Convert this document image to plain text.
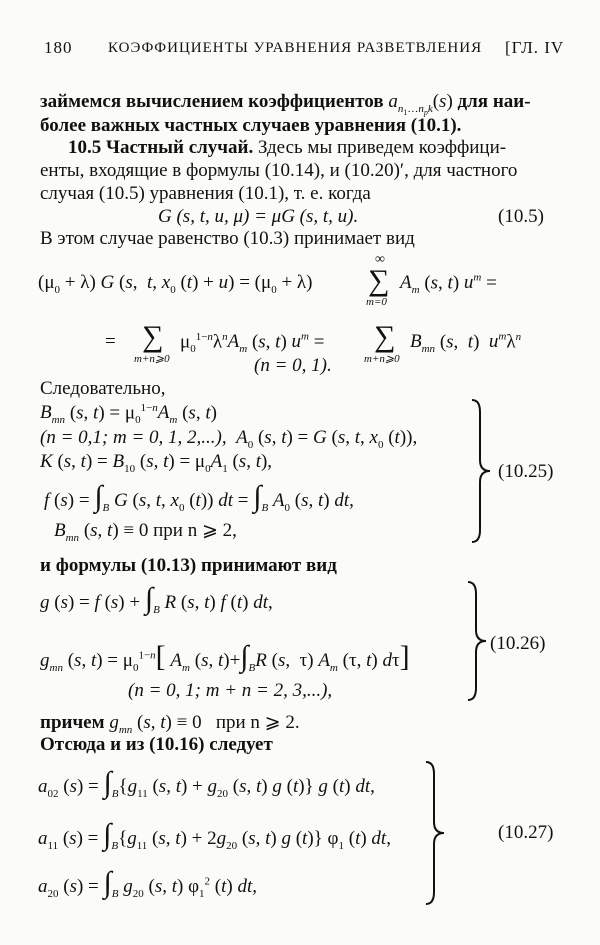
180 КОЭФФИЦИЕНТЫ УРАВНЕНИЯ РАЗВЕТВЛЕНИЯ [ГЛ. IV
займемся вычислением коэффициентов $a_{n_1\dots n_pk}(s)$ для наи-
более важных частных случаев уравнения (10.1).
10.5 Частный случай. Здесь мы приведем коэффици-
енты, входящие в формулы (10.14), и (10.20)′, для частного
случая (10.5) уравнения (10.1), т. е. когда
G (s, t, u, μ) = μG (s, t, u).	(10.5)
В этом случае равенство (10.3) принимает вид
$(\mu_0 + \lambda)$ G (s,  t, $x_0$ $(t) + u) = (\mu_0 + \lambda)$
∞
∑
m=0
$A_m$ (s, t) $u^m$ =
= ∑
m+n⩾0
$\mu_0^{1-n}\lambda^nA_m$ (s, t) $u^m$ = ∑
m+n⩾0
$B_{mn}$ (s,  t)  $u^m\lambda^n$
(n = 0, 1).
Следовательно,
$B_{mn}$ (s, $t) = \mu_0^{1-n}A_m$ (s, t)
(n = 0,1; m = 0, 1, 2,...), $A_0$ (s, t) = G (s, t, $x_0$ (t)),
K (s, $t) = B_{10}$ (s, $t) = \mu_0A_1$ (s, t),
f $(s) = \int_B$ G (s, t, $x_0$ (t)) dt = $\int_B$ $A_0$ (s, t) dt,
$B_{mn}$ (s, t) ≡ 0 при n ⩾ 2,
(10.25)
и формулы (10.13) принимают вид
g (s) = f $(s) + \int_B$ R (s, t) f (t) dt,
$g_{mn}$ (s, $t) = \mu_0^{1-n}$[ $A_m$ (s, $t)+\int_BR$ (s,  τ) $A_m$ (τ, t) dτ]
(n = 0, 1; m + n = 2, 3,...),
(10.26)
причем $g_{mn}$ (s, t) ≡ 0   при n ⩾ 2.
Отсюда и из (10.16) следует
$a_{02}$ $(s) = \int_B\{g_{11}$ (s, $t) + g_{20}$ (s, t) g (t)} g (t) dt,
$a_{11}$ $(s) = \int_B\{g_{11}$ (s, $t) + 2g_{20}$ (s, t) g (t)} $\varphi_1$ (t) dt,
$a_{20}$ $(s) = \int_B$ $g_{20}$ (s, t) $\varphi_1^2$ (t) dt,
(10.27)
